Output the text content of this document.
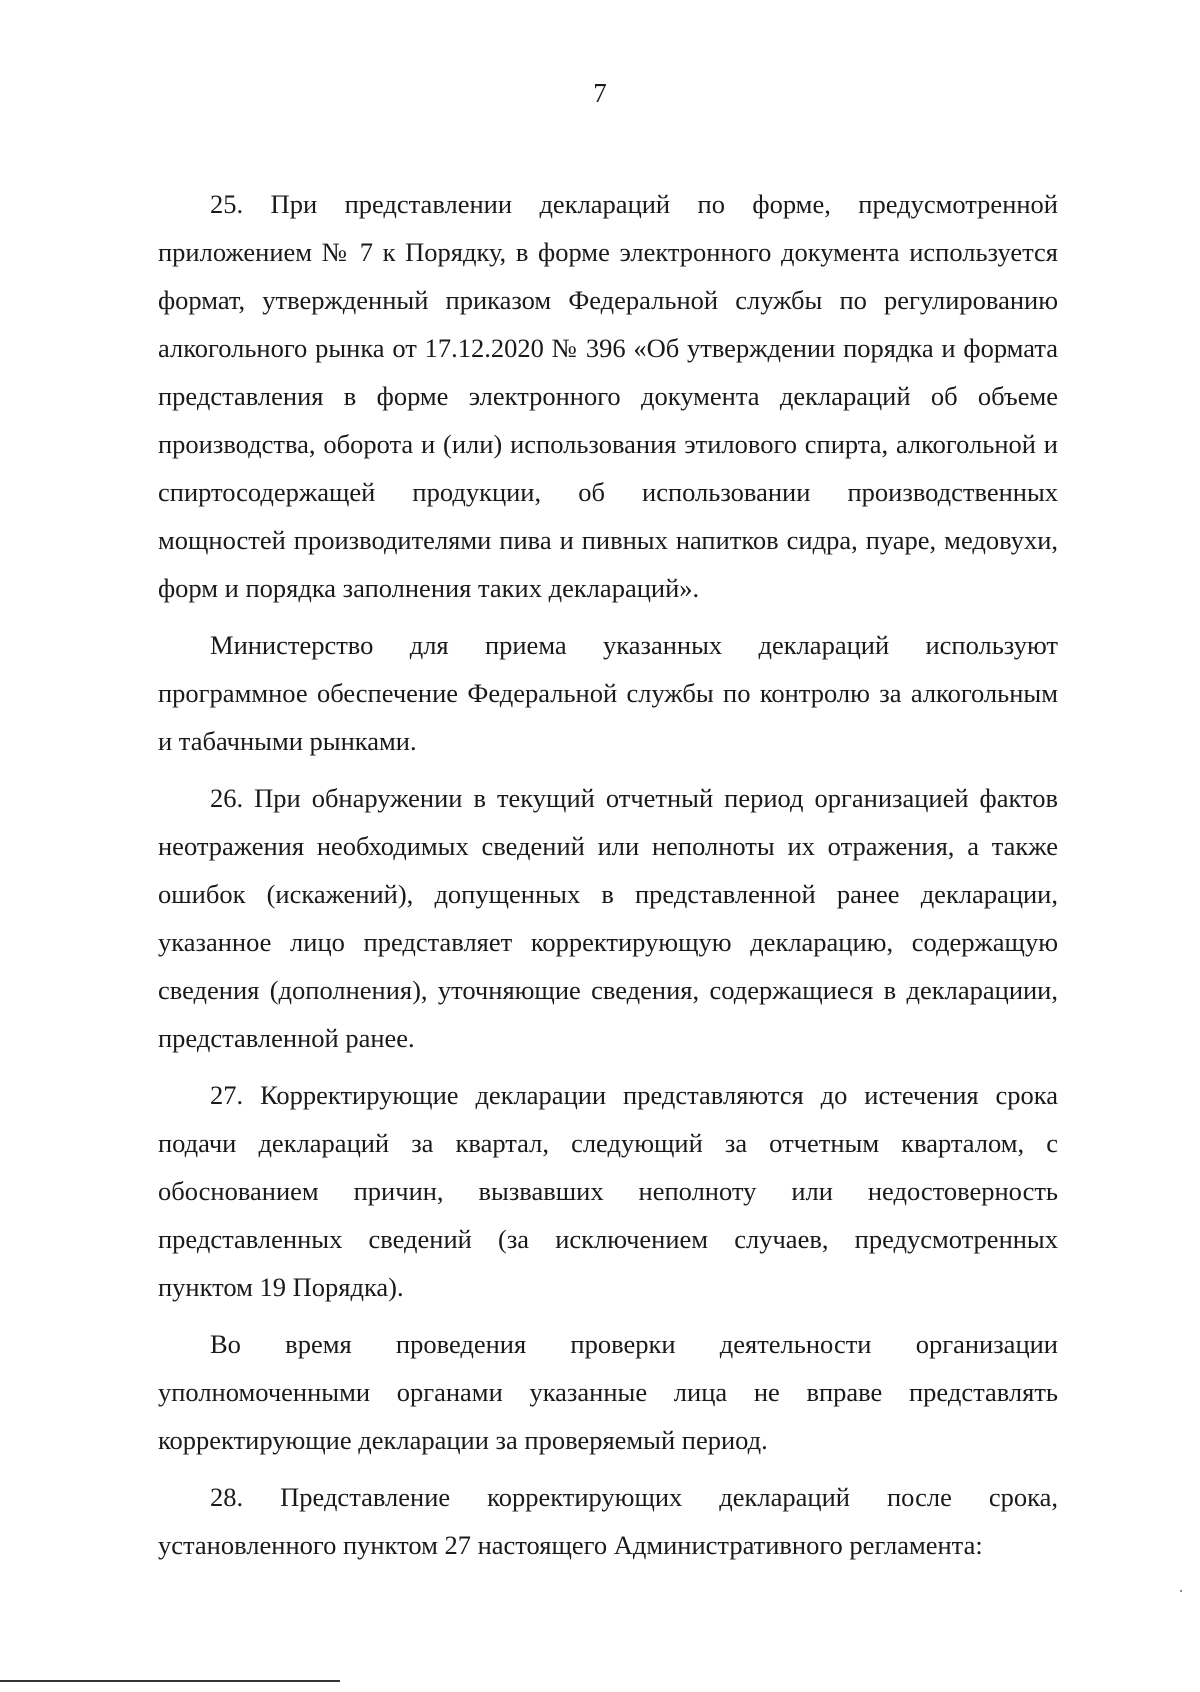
7

25. При представлении деклараций по форме, предусмотренной приложением № 7 к Порядку, в форме электронного документа используется формат, утвержденный приказом Федеральной службы по регулированию алкогольного рынка от 17.12.2020 № 396 «Об утверждении порядка и формата представления в форме электронного документа деклараций об объеме производства, оборота и (или) использования этилового спирта, алкогольной и спиртосодержащей продукции, об использовании производственных мощностей производителями пива и пивных напитков сидра, пуаре, медовухи, форм и порядка заполнения таких деклараций».

Министерство для приема указанных деклараций используют программное обеспечение Федеральной службы по контролю за алкогольным и табачными рынками.

26. При обнаружении в текущий отчетный период организацией фактов неотражения необходимых сведений или неполноты их отражения, а также ошибок (искажений), допущенных в представленной ранее декларации, указанное лицо представляет корректирующую декларацию, содержащую сведения (дополнения), уточняющие сведения, содержащиеся в декларациии, представленной ранее.

27. Корректирующие декларации представляются до истечения срока подачи деклараций за квартал, следующий за отчетным кварталом, с обоснованием причин, вызвавших неполноту или недостоверность представленных сведений (за исключением случаев, предусмотренных пунктом 19 Порядка).

Во время проведения проверки деятельности организации уполномоченными органами указанные лица не вправе представлять корректирующие декларации за проверяемый период.

28. Представление корректирующих деклараций после срока, установленного пунктом 27 настоящего Административного регламента:
